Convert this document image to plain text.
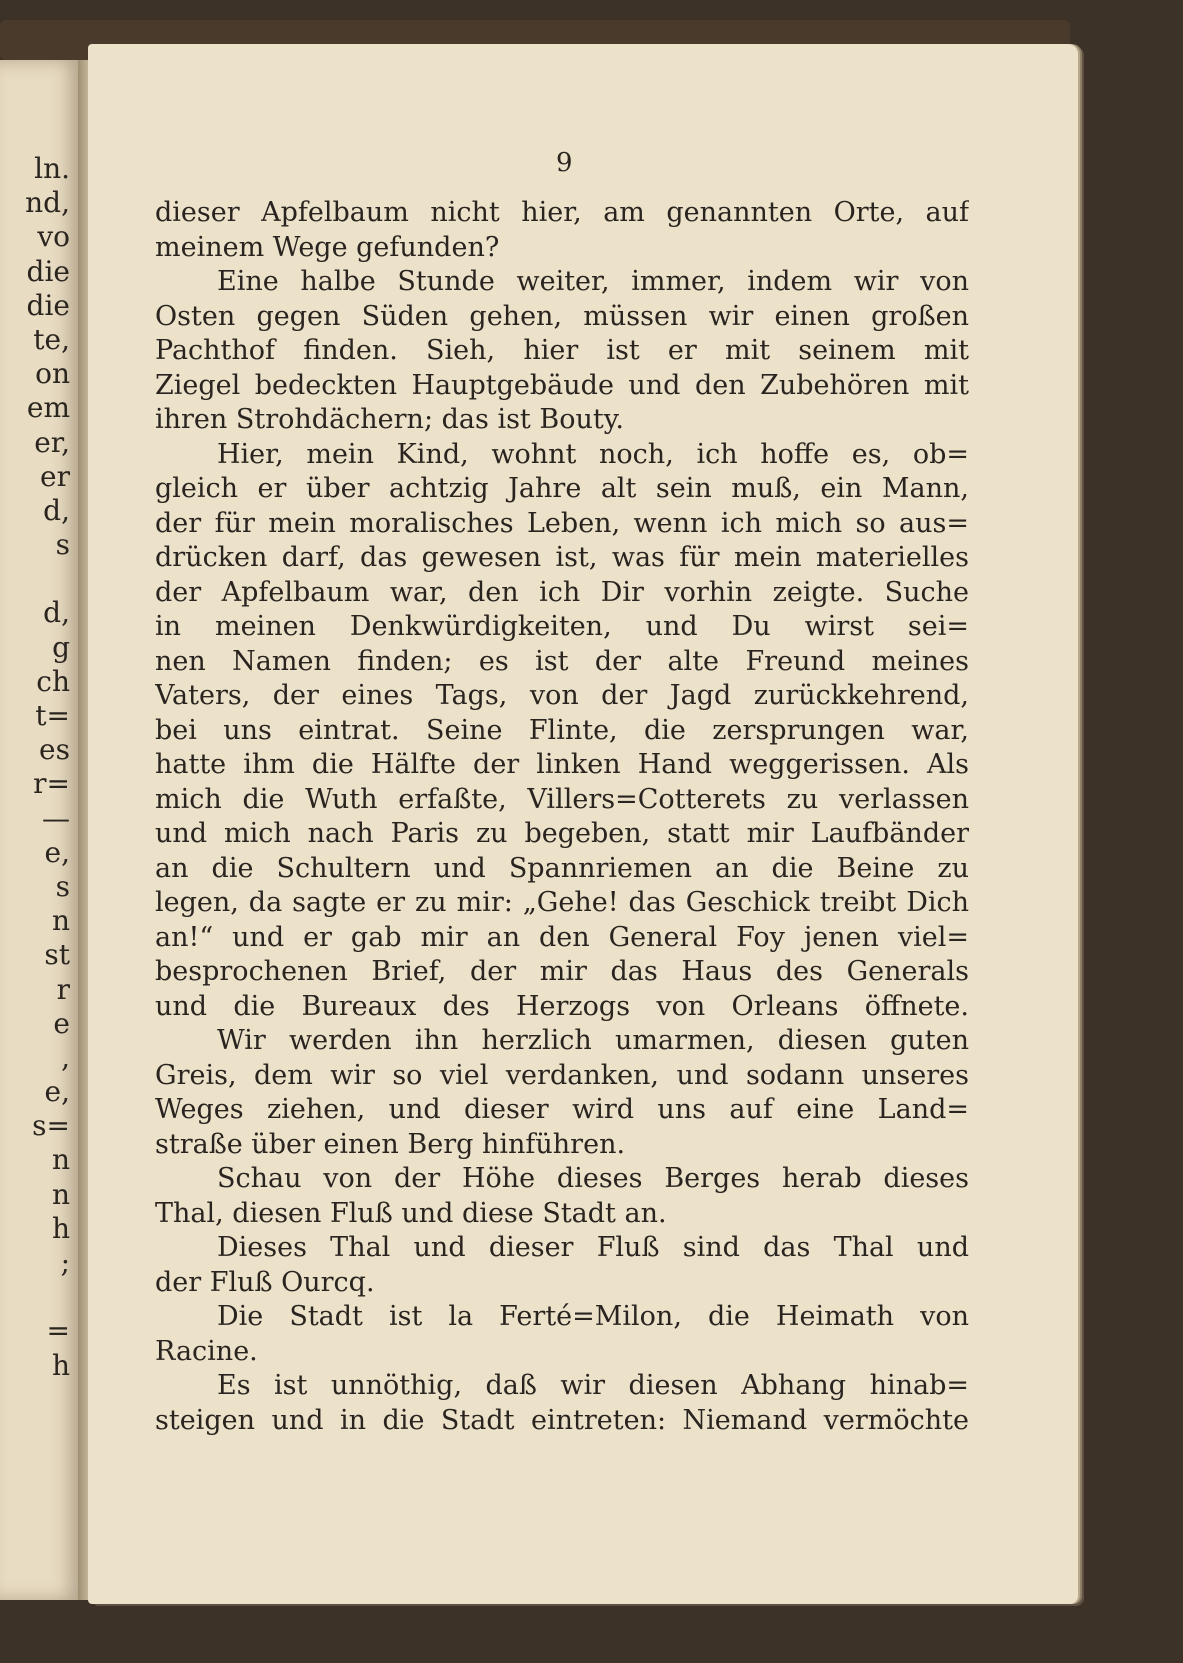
ln.
nd,
vo
die
die
te,
on
em
er,
er
d,
s
d,
g
ch
t=
es
r=
—
e,
s
n
st
r
e
,
e,
s=
n
n
h
;
=
h
9
dieser Apfelbaum nicht hier, am genannten Orte, auf
meinem Wege gefunden?
Eine halbe Stunde weiter, immer, indem wir von
Osten gegen Süden gehen, müssen wir einen großen
Pachthof finden. Sieh, hier ist er mit seinem mit
Ziegel bedeckten Hauptgebäude und den Zubehören mit
ihren Strohdächern; das ist Bouty.
Hier, mein Kind, wohnt noch, ich hoffe es, ob=
gleich er über achtzig Jahre alt sein muß, ein Mann,
der für mein moralisches Leben, wenn ich mich so aus=
drücken darf, das gewesen ist, was für mein materielles
der Apfelbaum war, den ich Dir vorhin zeigte. Suche
in meinen Denkwürdigkeiten, und Du wirst sei=
nen Namen finden; es ist der alte Freund meines
Vaters, der eines Tags, von der Jagd zurückkehrend,
bei uns eintrat. Seine Flinte, die zersprungen war,
hatte ihm die Hälfte der linken Hand weggerissen. Als
mich die Wuth erfaßte, Villers=Cotterets zu verlassen
und mich nach Paris zu begeben, statt mir Laufbänder
an die Schultern und Spannriemen an die Beine zu
legen, da sagte er zu mir: „Gehe! das Geschick treibt Dich
an!“ und er gab mir an den General Foy jenen viel=
besprochenen Brief, der mir das Haus des Generals
und die Bureaux des Herzogs von Orleans öffnete.
Wir werden ihn herzlich umarmen, diesen guten
Greis, dem wir so viel verdanken, und sodann unseres
Weges ziehen, und dieser wird uns auf eine Land=
straße über einen Berg hinführen.
Schau von der Höhe dieses Berges herab dieses
Thal, diesen Fluß und diese Stadt an.
Dieses Thal und dieser Fluß sind das Thal und
der Fluß Ourcq.
Die Stadt ist la Ferté=Milon, die Heimath von
Racine.
Es ist unnöthig, daß wir diesen Abhang hinab=
steigen und in die Stadt eintreten: Niemand vermöchte
